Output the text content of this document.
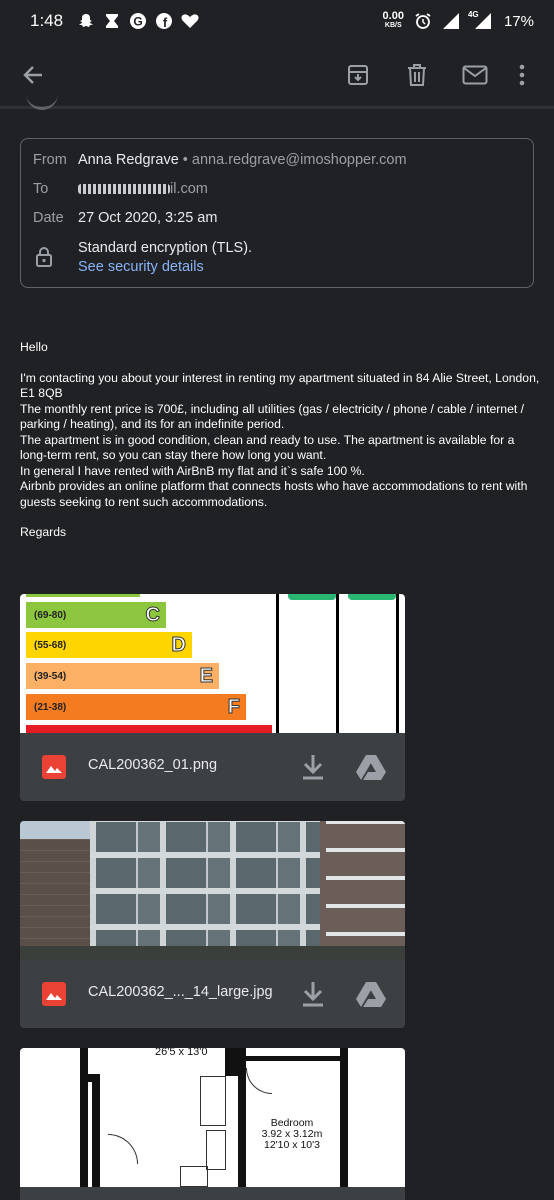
1:48	G f	0.00
KB/S
4G 17%
From Anna Redgrave • anna.redgrave@imoshopper.com
To	il.com
Date 27 Oct 2020, 3:25 am
Standard encryption (TLS).
See security details

Hello

I'm contacting you about your interest in renting my apartment situated in 84 Alie Street, London, E1 8QB

The monthly rent price is 700£, including all utilities (gas / electricity / phone / cable / internet / parking / heating), and its for an indefinite period.

The apartment is in good condition, clean and ready to use. The apartment is available for a long-term rent, so you can stay there how long you want.

In general I have rented with AirBnB my flat and it`s safe 100 %.

Airbnb provides an online platform that connects hosts who have accommodations to rent with guests seeking to rent such accommodations.

Regards

(69-80)	C
(55-68)	D
(39-54)	E
(21-38)	F
CAL200362_01.png
CAL200362_..._14_large.jpg
26'5 x 13'0
Bedroom
3.92 x 3.12m
12'10 x 10'3
